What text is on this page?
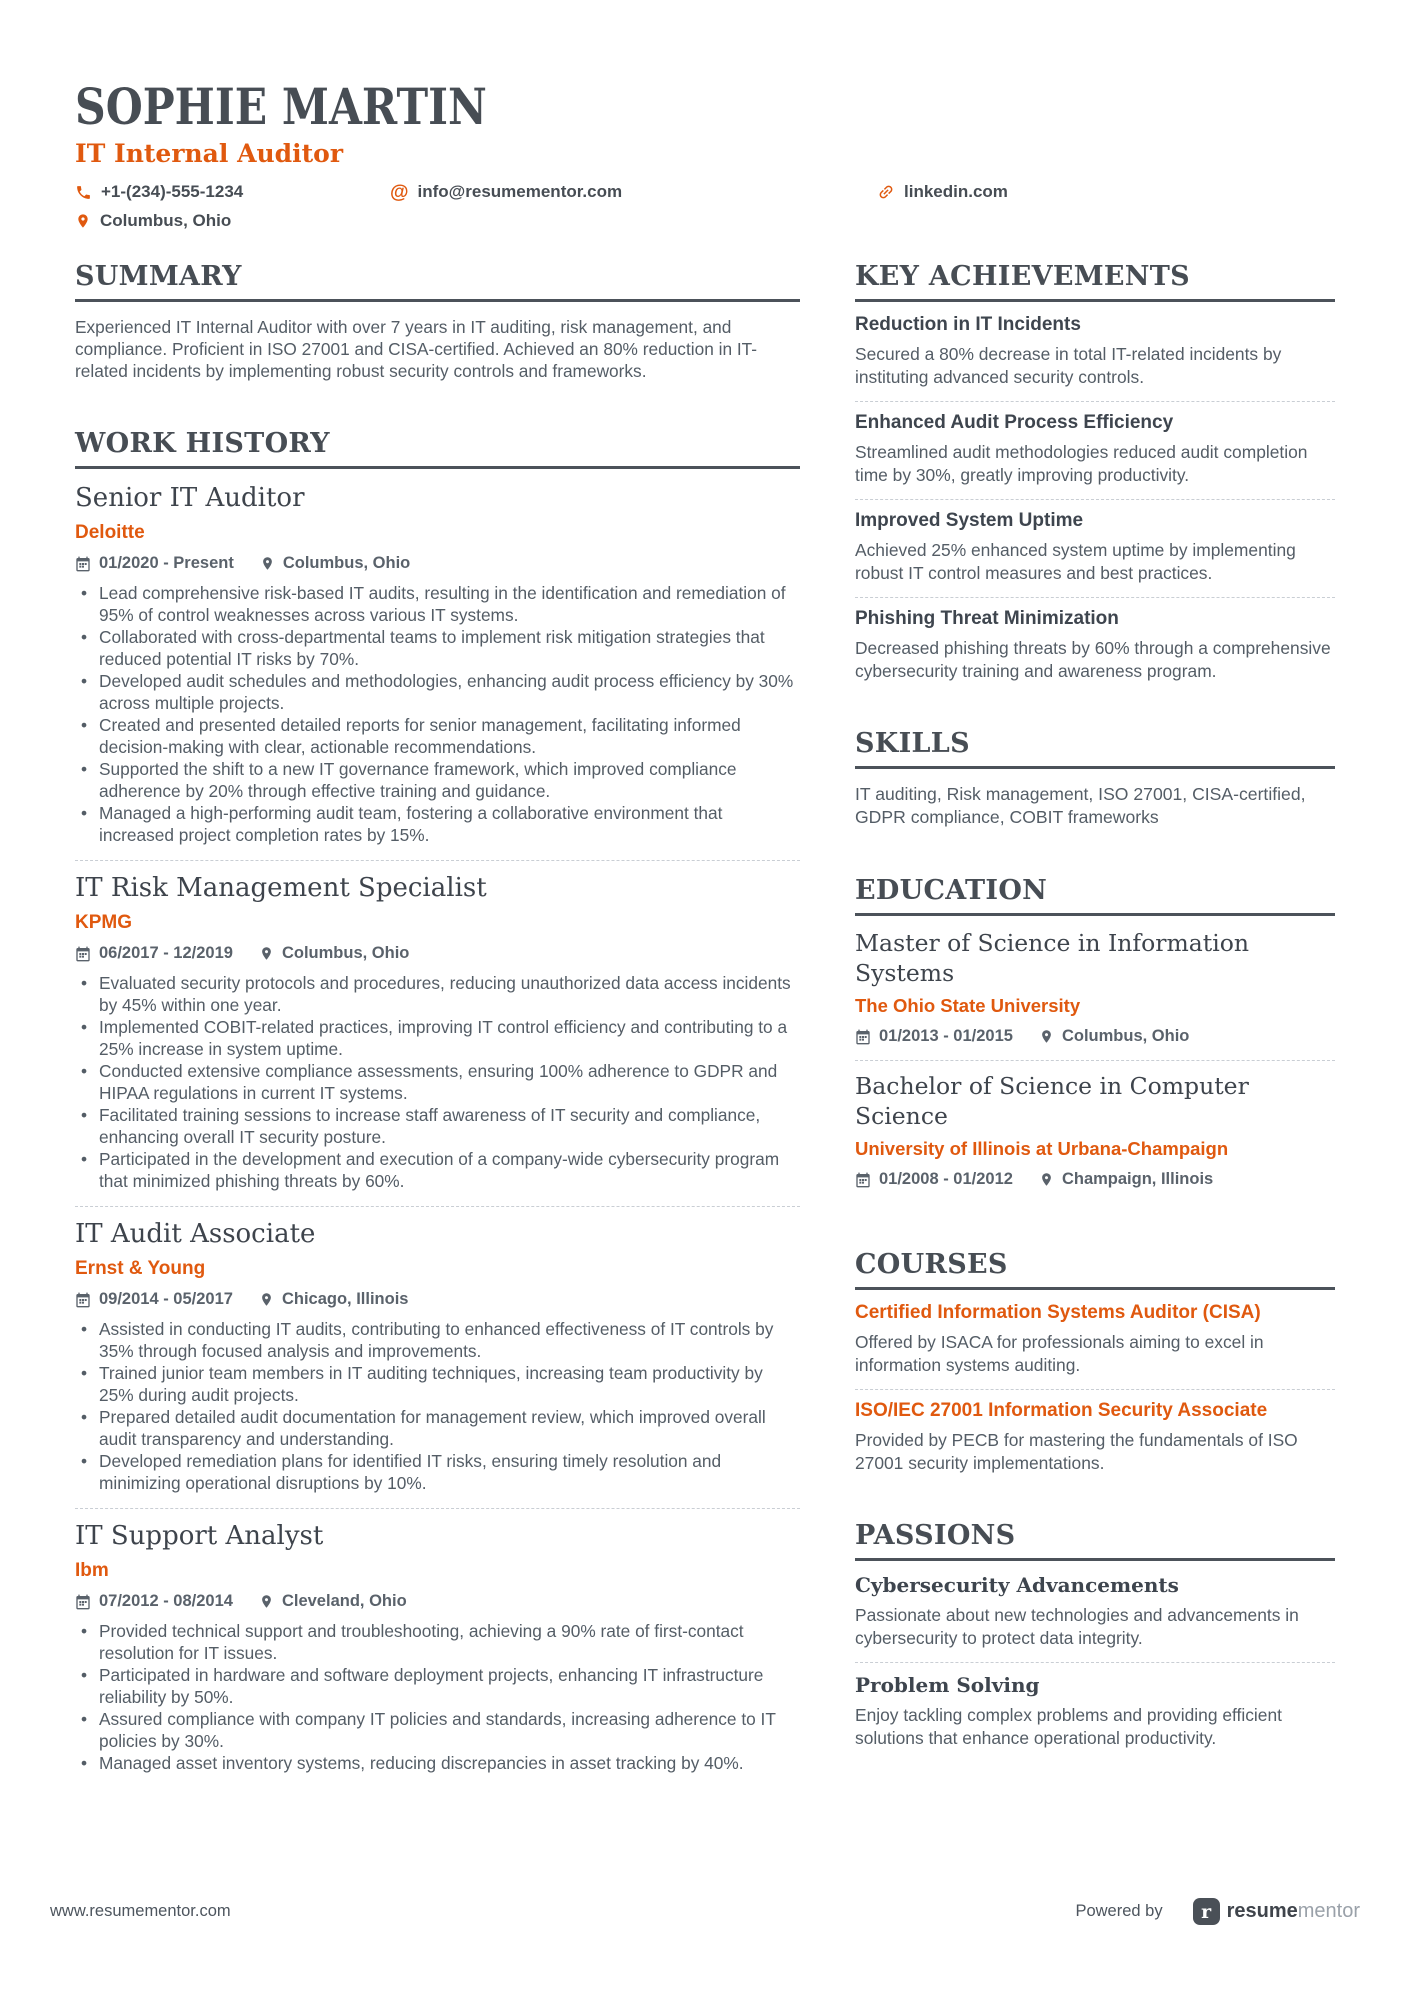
SOPHIE MARTIN
IT Internal Auditor
+1-(234)-555-1234	@ info@resumementor.com	linkedin.com
Columbus, Ohio
SUMMARY
Experienced IT Internal Auditor with over 7 years in IT auditing, risk management, and compliance. Proficient in ISO 27001 and CISA-certified. Achieved an 80% reduction in IT-related incidents by implementing robust security controls and frameworks.
WORK HISTORY
Senior IT Auditor
Deloitte
01/2020 - Present	Columbus, Ohio
• Lead comprehensive risk-based IT audits, resulting in the identification and remediation of 95% of control weaknesses across various IT systems.
• Collaborated with cross-departmental teams to implement risk mitigation strategies that reduced potential IT risks by 70%.
• Developed audit schedules and methodologies, enhancing audit process efficiency by 30% across multiple projects.
• Created and presented detailed reports for senior management, facilitating informed decision-making with clear, actionable recommendations.
• Supported the shift to a new IT governance framework, which improved compliance adherence by 20% through effective training and guidance.
• Managed a high-performing audit team, fostering a collaborative environment that increased project completion rates by 15%.
IT Risk Management Specialist
KPMG
06/2017 - 12/2019	Columbus, Ohio
• Evaluated security protocols and procedures, reducing unauthorized data access incidents by 45% within one year.
• Implemented COBIT-related practices, improving IT control efficiency and contributing to a 25% increase in system uptime.
• Conducted extensive compliance assessments, ensuring 100% adherence to GDPR and HIPAA regulations in current IT systems.
• Facilitated training sessions to increase staff awareness of IT security and compliance, enhancing overall IT security posture.
• Participated in the development and execution of a company-wide cybersecurity program that minimized phishing threats by 60%.
IT Audit Associate
Ernst & Young
09/2014 - 05/2017	Chicago, Illinois
• Assisted in conducting IT audits, contributing to enhanced effectiveness of IT controls by 35% through focused analysis and improvements.
• Trained junior team members in IT auditing techniques, increasing team productivity by 25% during audit projects.
• Prepared detailed audit documentation for management review, which improved overall audit transparency and understanding.
• Developed remediation plans for identified IT risks, ensuring timely resolution and minimizing operational disruptions by 10%.
IT Support Analyst
Ibm
07/2012 - 08/2014	Cleveland, Ohio
• Provided technical support and troubleshooting, achieving a 90% rate of first-contact resolution for IT issues.
• Participated in hardware and software deployment projects, enhancing IT infrastructure reliability by 50%.
• Assured compliance with company IT policies and standards, increasing adherence to IT policies by 30%.
• Managed asset inventory systems, reducing discrepancies in asset tracking by 40%.
KEY ACHIEVEMENTS
Reduction in IT Incidents
Secured a 80% decrease in total IT-related incidents by instituting advanced security controls.
Enhanced Audit Process Efficiency
Streamlined audit methodologies reduced audit completion time by 30%, greatly improving productivity.
Improved System Uptime
Achieved 25% enhanced system uptime by implementing robust IT control measures and best practices.
Phishing Threat Minimization
Decreased phishing threats by 60% through a comprehensive cybersecurity training and awareness program.
SKILLS
IT auditing, Risk management, ISO 27001, CISA-certified, GDPR compliance, COBIT frameworks
EDUCATION
Master of Science in Information Systems
The Ohio State University
01/2013 - 01/2015	Columbus, Ohio
Bachelor of Science in Computer Science
University of Illinois at Urbana-Champaign
01/2008 - 01/2012	Champaign, Illinois
COURSES
Certified Information Systems Auditor (CISA)
Offered by ISACA for professionals aiming to excel in information systems auditing.
ISO/IEC 27001 Information Security Associate
Provided by PECB for mastering the fundamentals of ISO 27001 security implementations.
PASSIONS
Cybersecurity Advancements
Passionate about new technologies and advancements in cybersecurity to protect data integrity.
Problem Solving
Enjoy tackling complex problems and providing efficient solutions that enhance operational productivity.
www.resumementor.com	Powered by	r resumementor
